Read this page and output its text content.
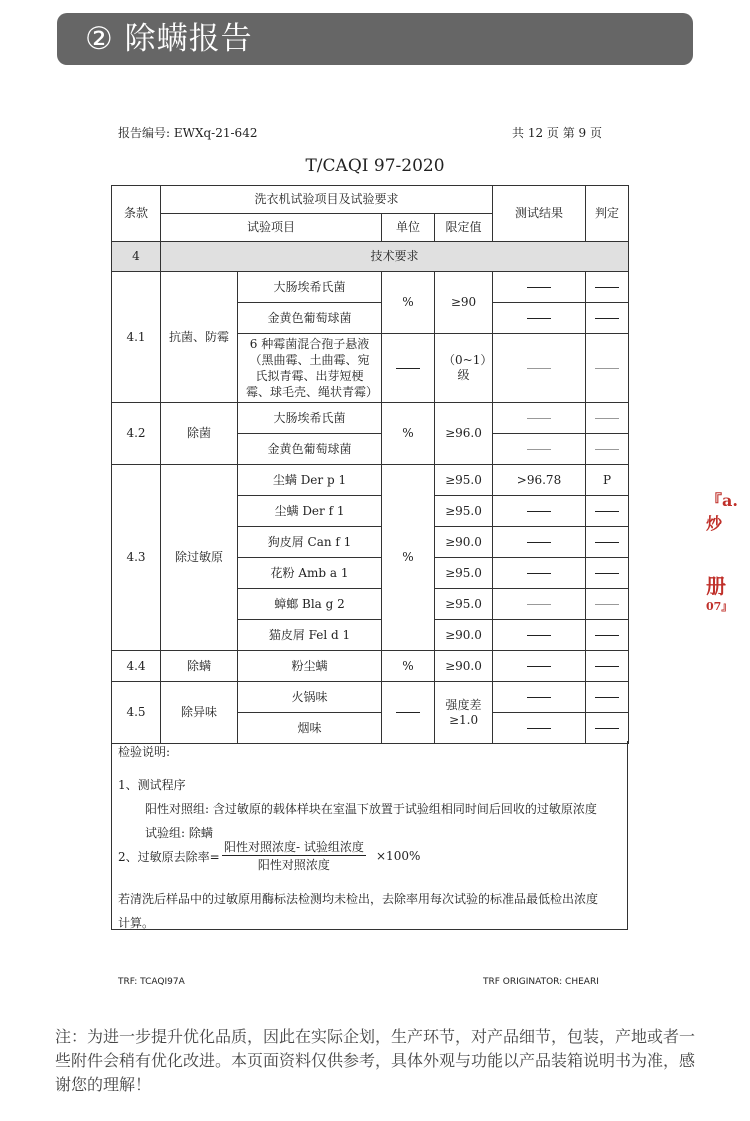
② 除螨报告
报告编号: EWXq-21-642	共 12 页 第 9 页
T/CAQI 97-2020
条款	洗衣机试验项目及试验要求				测试结果	判定
	试验项目		单位	限定值		
4	技术要求					
4.1	抗菌、防霉	大肠埃希氏菌	%	≥90		
		金黄色葡萄球菌				
		6 种霉菌混合孢子悬液（黑曲霉、土曲霉、宛氏拟青霉、出芽短梗霉、球毛壳、绳状青霉）		（0~1）级		
4.2	除菌	大肠埃希氏菌	%	≥96.0		
		金黄色葡萄球菌				
4.3	除过敏原	尘螨 Der p 1	%	≥95.0	>96.78	P
		尘螨 Der f 1		≥95.0		
		狗皮屑 Can f 1		≥90.0		
		花粉 Amb a 1		≥95.0		
		蟑螂 Bla g 2		≥95.0		
		猫皮屑 Fel d 1		≥90.0		
4.4	除螨	粉尘螨	%	≥90.0		
4.5	除异味	火锅味		强度差 ≥1.0		
		烟味				
检验说明:
1、测试程序
阳性对照组: 含过敏原的载体样块在室温下放置于试验组相同时间后回收的过敏原浓度
试验组: 除螨
2、过敏原去除率=
若清洗后样品中的过敏原用酶标法检测均未检出，去除率用每次试验的标准品最低检出浓度
计算。
阳性对照浓度- 试验组浓度
阳性对照浓度
×100%
TRF: TCAQI97A	TRF ORIGINATOR: CHEARI
注：为进一步提升优化品质，因此在实际企划，生产环节，对产品细节，包装，产地或者一些附件会稍有优化改进。本页面资料仅供参考，具体外观与功能以产品装箱说明书为准，感谢您的理解！
『a.炒
册
07』
